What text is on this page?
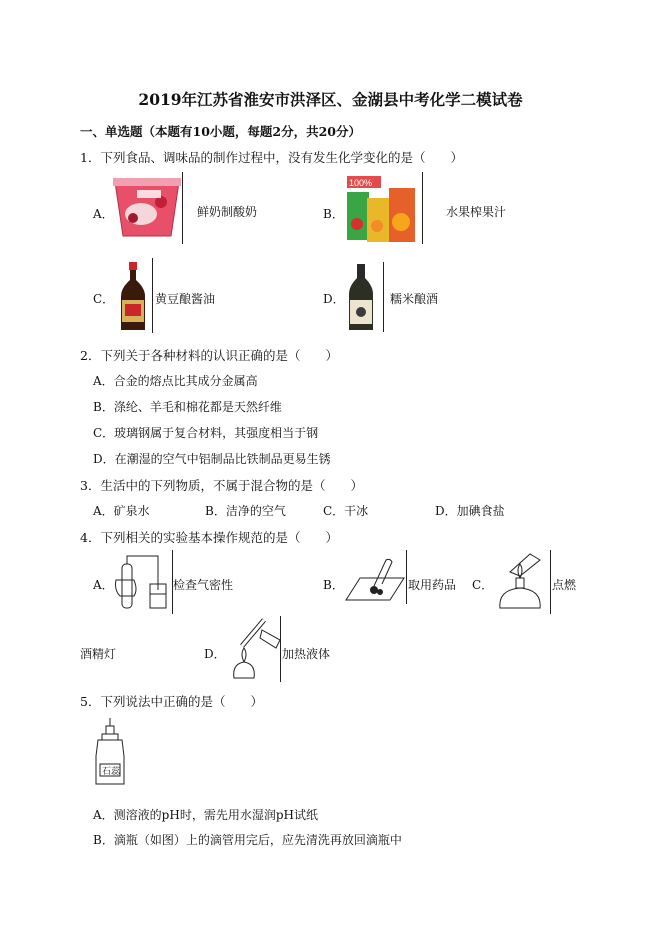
2019年江苏省淮安市洪泽区、金湖县中考化学二模试卷
一、单选题（本题有10小题，每题2分，共20分）
1．下列食品、调味品的制作过程中，没有发生化学变化的是（　　）
A．	鲜奶制酸奶	B．
100%
水果榨果汁
C．	黄豆酿酱油	D．	糯米酿酒
2．下列关于各种材料的认识正确的是（　　）
A．合金的熔点比其成分金属高
B．涤纶、羊毛和棉花都是天然纤维
C．玻璃钢属于复合材料，其强度相当于钢
D．在潮湿的空气中铝制品比铁制品更易生锈
3．生活中的下列物质，不属于混合物的是（　　）
A．矿泉水	B．洁净的空气	C．干冰	D．加碘食盐
4．下列相关的实验基本操作规范的是（　　）
A．	检查气密性	B．	取用药品 C．	点燃
酒精灯	D．	加热液体
5．下列说法中正确的是（　　）
石蕊
A．测溶液的pH时，需先用水湿润pH试纸
B．滴瓶（如图）上的滴管用完后，应先清洗再放回滴瓶中
